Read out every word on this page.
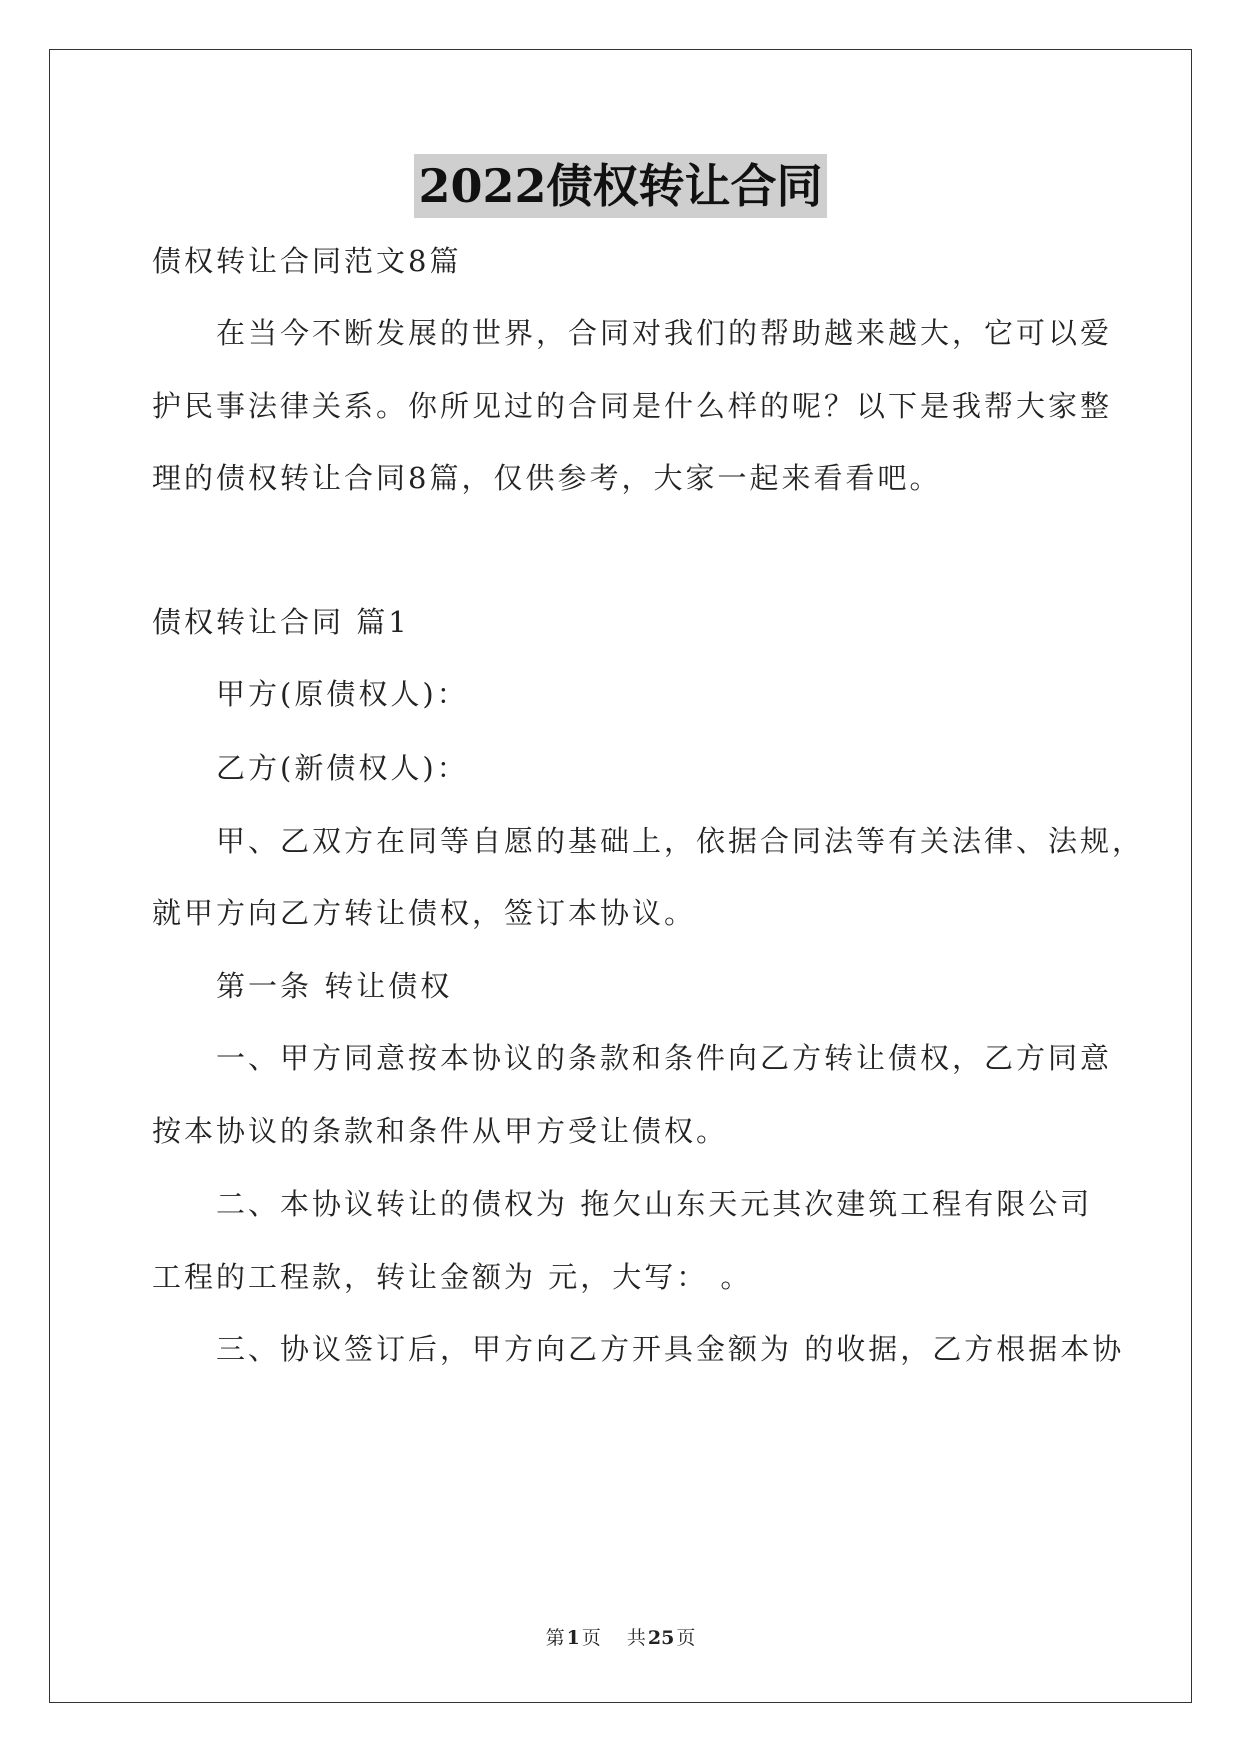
2022债权转让合同

债权转让合同范文8篇

在当今不断发展的世界，合同对我们的帮助越来越大，它可以爱

护民事法律关系。你所见过的合同是什么样的呢？以下是我帮大家整

理的债权转让合同8篇，仅供参考，大家一起来看看吧。

债权转让合同 篇1

甲方(原债权人)：

乙方(新债权人)：

甲、乙双方在同等自愿的基础上，依据合同法等有关法律、法规，

就甲方向乙方转让债权，签订本协议。

第一条 转让债权

一、甲方同意按本协议的条款和条件向乙方转让债权，乙方同意

按本协议的条款和条件从甲方受让债权。

二、本协议转让的债权为 拖欠山东天元其次建筑工程有限公司

工程的工程款，转让金额为 元，大写： 。

三、协议签订后，甲方向乙方开具金额为 的收据，乙方根据本协

第 1 页 共 25 页
